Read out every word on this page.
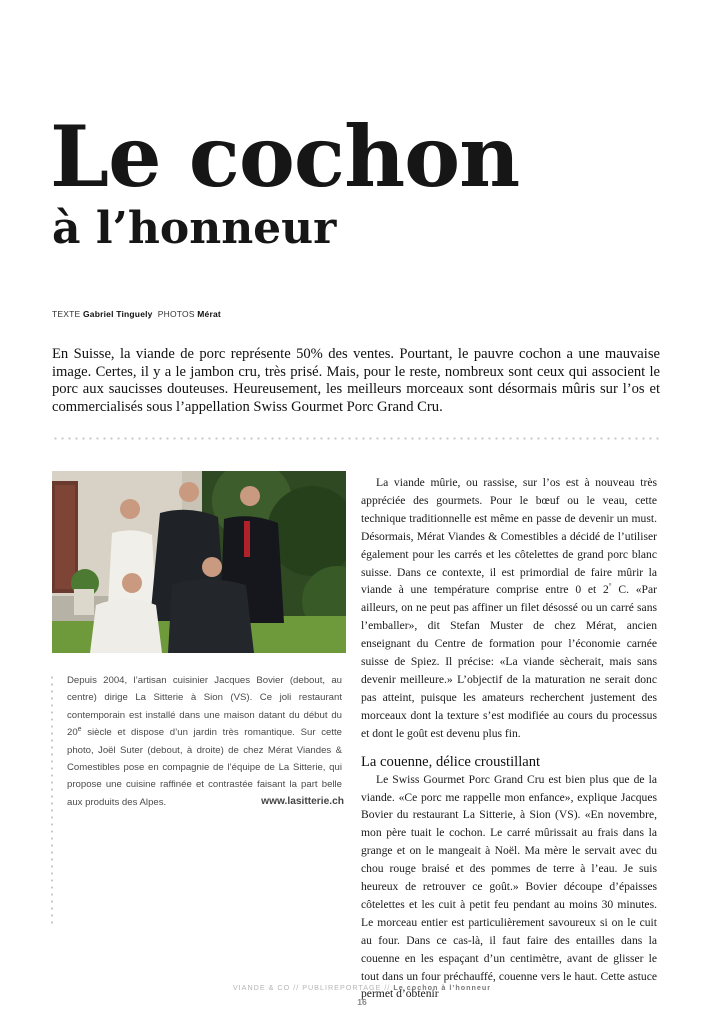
Le cochon
à l’honneur
TEXTE Gabriel Tinguely PHOTOS Mérat

En Suisse, la viande de porc représente 50% des ventes. Pourtant, le pauvre cochon a une mauvaise image. Certes, il y a le jambon cru, très prisé. Mais, pour le reste, nombreux sont ceux qui associent le porc aux saucisses douteuses. Heureusement, les meilleurs morceaux sont désormais mûris sur l’os et commercialisés sous l’appellation Swiss Gourmet Porc Grand Cru.

Depuis 2004, l’artisan cuisinier Jacques Bovier (debout, au centre) dirige La Sitterie à Sion (VS). Ce joli restaurant contemporain est installé dans une maison datant du début du 20e siècle et dispose d’un jardin très romantique. Sur cette photo, Joël Suter (debout, à droite) de chez Mérat Viandes & Comestibles pose en compagnie de l’équipe de La Sitterie, qui propose une cuisine raffinée et contrastée faisant la part belle aux produits des Alpes.	www.lasitterie.ch

La viande mûrie, ou rassise, sur l’os est à nouveau très appréciée des gourmets. Pour le bœuf ou le veau, cette technique traditionnelle est même en passe de devenir un must. Désormais, Mérat Viandes & Comestibles a décidé de l’utiliser également pour les carrés et les côtelettes de grand porc blanc suisse. Dans ce contexte, il est primordial de faire mûrir la viande à une température comprise entre 0 et 2° C. «Par ailleurs, on ne peut pas affiner un filet désossé ou un carré sans l’emballer», dit Stefan Muster de chez Mérat, ancien enseignant du Centre de formation pour l’économie carnée suisse de Spiez. Il précise: «La viande sècherait, mais sans devenir meilleure.» L’objectif de la maturation ne serait donc pas atteint, puisque les amateurs recherchent justement des morceaux dont la texture s’est modifiée au cours du processus et dont le goût est devenu plus fin.

La couenne, délice croustillant

Le Swiss Gourmet Porc Grand Cru est bien plus que de la viande. «Ce porc me rappelle mon enfance», explique Jacques Bovier du restaurant La Sitterie, à Sion (VS). «En novembre, mon père tuait le cochon. Le carré mûrissait au frais dans la grange et on le mangeait à Noël. Ma mère le servait avec du chou rouge braisé et des pommes de terre à l’eau. Je suis heureux de retrouver ce goût.» Bovier découpe d’épaisses côtelettes et les cuit à petit feu pendant au moins 30 minutes. Le morceau entier est particulièrement savoureux si on le cuit au four. Dans ce cas-là, il faut faire des entailles dans la couenne en les espaçant d’un centimètre, avant de glisser le tout dans un four préchauffé, couenne vers le haut. Cette astuce permet d’obtenir

VIANDE & CO // PUBLIREPORTAGE // Le cochon à l’honneur
16
